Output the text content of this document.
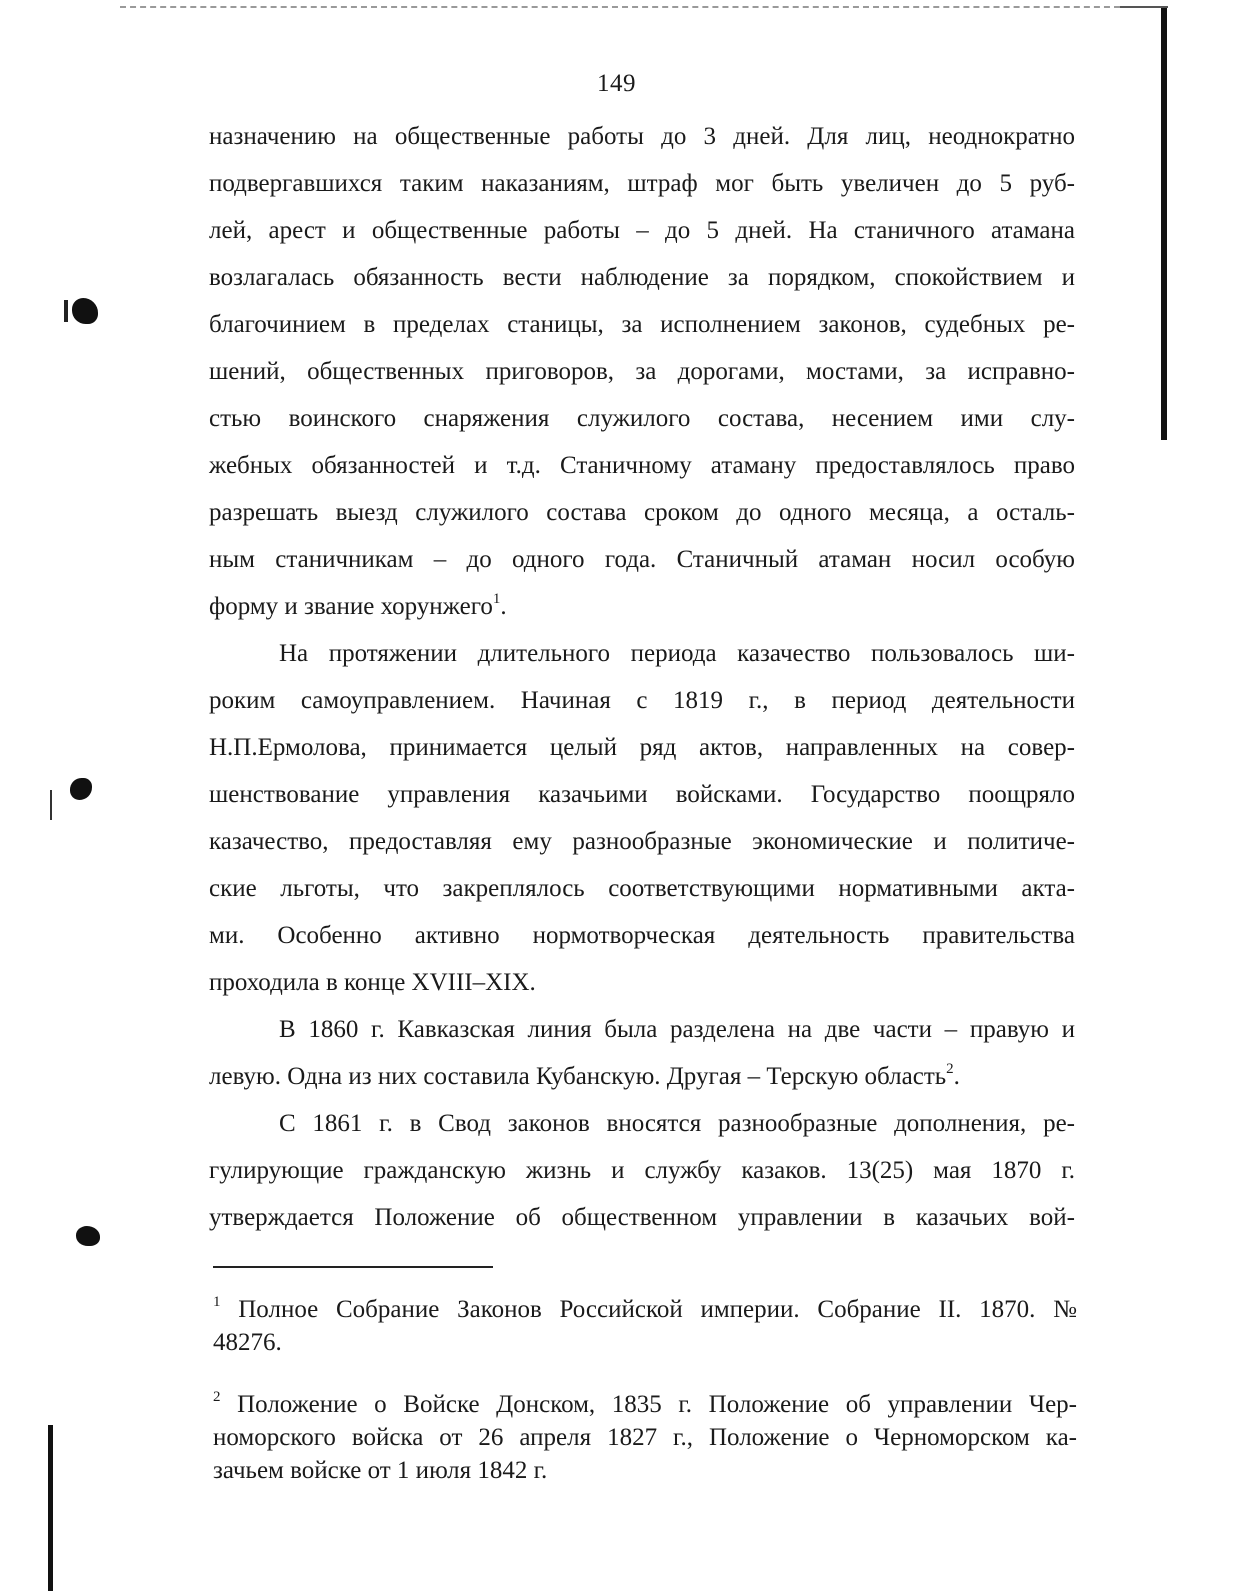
149
назначению на общественные работы до 3 дней. Для лиц, неоднократно
подвергавшихся таким наказаниям, штраф мог быть увеличен до 5 руб-
лей, арест и общественные работы – до 5 дней. На станичного атамана
возлагалась обязанность вести наблюдение за порядком, спокойствием и
благочинием в пределах станицы, за исполнением законов, судебных ре-
шений, общественных приговоров, за дорогами, мостами, за исправно-
стью воинского снаряжения служилого состава, несением ими слу-
жебных обязанностей и т.д. Станичному атаману предоставлялось право
разрешать выезд служилого состава сроком до одного месяца, а осталь-
ным станичникам – до одного года. Станичный атаман носил особую
форму и звание хорунжего$^1$.
На протяжении длительного периода казачество пользовалось ши-
роким самоуправлением. Начиная с 1819 г., в период деятельности
Н.П.Ермолова, принимается целый ряд актов, направленных на совер-
шенствование управления казачьими войсками. Государство поощряло
казачество, предоставляя ему разнообразные экономические и политиче-
ские льготы, что закреплялось соответствующими нормативными акта-
ми. Особенно активно нормотворческая деятельность правительства
проходила в конце XVIII–XIX.
В 1860 г. Кавказская линия была разделена на две части – правую и
левую. Одна из них составила Кубанскую. Другая – Терскую область$^2$.
С 1861 г. в Свод законов вносятся разнообразные дополнения, ре-
гулирующие гражданскую жизнь и службу казаков. 13(25) мая 1870 г.
утверждается Положение об общественном управлении в казачьих вой-
$^1$ Полное Собрание Законов Российской империи. Собрание II. 1870. №
48276.
$^2$ Положение о Войске Донском, 1835 г. Положение об управлении Чер-
номорского войска от 26 апреля 1827 г., Положение о Черноморском ка-
зачьем войске от 1 июля 1842 г.
